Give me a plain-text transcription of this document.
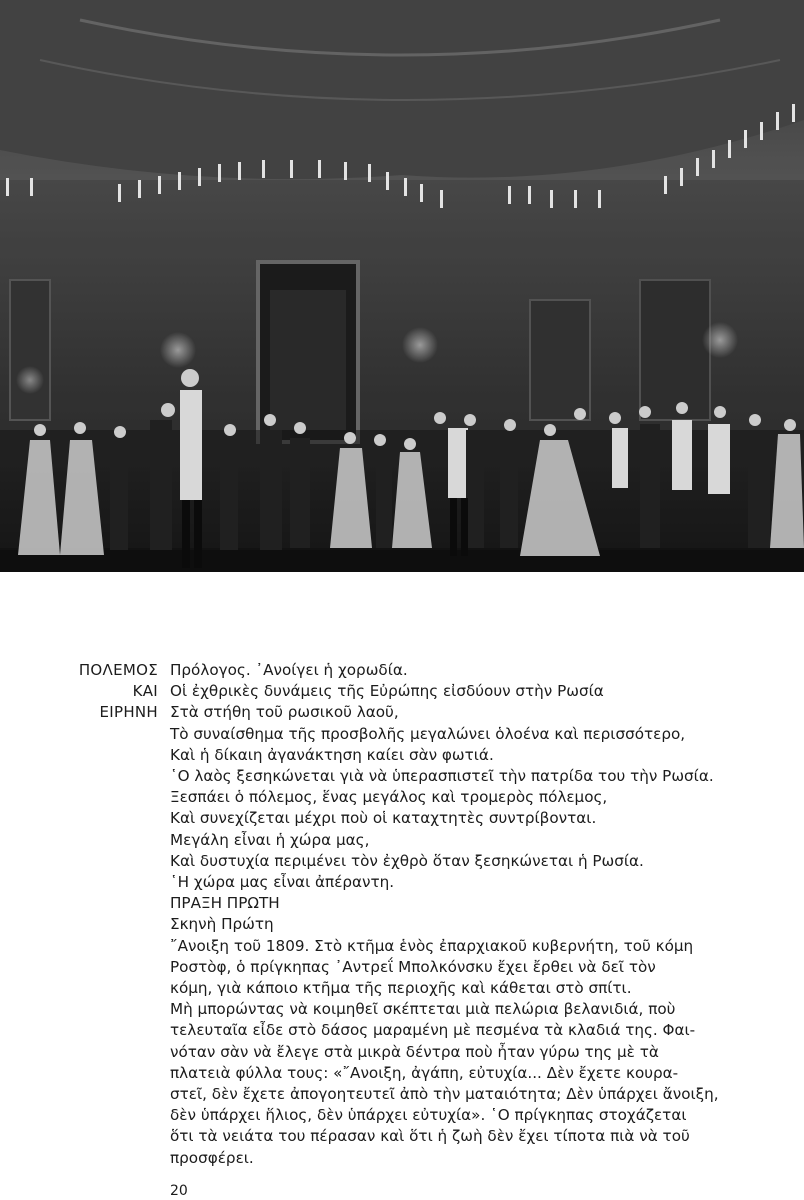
ΠΟΛΕΜΟΣ
ΚΑΙ
ΕΙΡΗΝΗ
Πρόλογος. ᾿Ανοίγει ἡ χορωδία.
Οἱ ἐχθρικὲς δυνάμεις τῆς Εὐρώπης εἰσδύουν στὴν Ρωσία
Στὰ στήθη τοῦ ρωσικοῦ λαοῦ,
Τὸ συναίσθημα τῆς προσβολῆς μεγαλώνει ὁλοένα καὶ περισσότερο,
Καὶ ἡ δίκαιη ἀγανάκτηση καίει σὰν φωτιά.
῾Ο λαὸς ξεσηκώνεται γιὰ νὰ ὑπερασπιστεῖ τὴν πατρίδα του τὴν Ρωσία.
Ξεσπάει ὁ πόλεμος, ἕνας μεγάλος καὶ τρομερὸς πόλεμος,
Καὶ συνεχίζεται μέχρι ποὺ οἱ καταχτητὲς συντρίβονται.
Μεγάλη εἶναι ἡ χώρα μας,
Καὶ δυστυχία περιμένει τὸν ἐχθρὸ ὅταν ξεσηκώνεται ἡ Ρωσία.
῾Η χώρα μας εἶναι ἀπέραντη.
ΠΡΑΞΗ ΠΡΩΤΗ
Σκηνὴ Πρώτη
῎Ανοιξη τοῦ 1809. Στὸ κτῆμα ἑνὸς ἐπαρχιακοῦ κυβερνήτη, τοῦ κόμη
Ροστὸφ, ὁ πρίγκηπας ᾿Αντρεΐ Μπολκόνσκυ ἔχει ἔρθει νὰ δεῖ τὸν
κόμη, γιὰ κάποιο κτῆμα τῆς περιοχῆς καὶ κάθεται στὸ σπίτι.
Μὴ μπορώντας νὰ κοιμηθεῖ σκέπτεται μιὰ πελώρια βελανιδιά, ποὺ
τελευταῖα εἶδε στὸ δάσος μαραμένη μὲ πεσμένα τὰ κλαδιά της. Φαι-
νόταν σὰν νὰ ἔλεγε στὰ μικρὰ δέντρα ποὺ ἦταν γύρω της μὲ τὰ
πλατειὰ φύλλα τους: «῎Ανοιξη, ἀγάπη, εὐτυχία... Δὲν ἔχετε κουρα-
στεῖ, δὲν ἔχετε ἀπογοητευτεῖ ἀπὸ τὴν ματαιότητα; Δὲν ὑπάρχει ἄνοιξη,
δὲν ὑπάρχει ἥλιος, δὲν ὑπάρχει εὐτυχία». ῾Ο πρίγκηπας στοχάζεται
ὅτι τὰ νειάτα του πέρασαν καὶ ὅτι ἡ ζωὴ δὲν ἔχει τίποτα πιὰ νὰ τοῦ
προσφέρει.
20
